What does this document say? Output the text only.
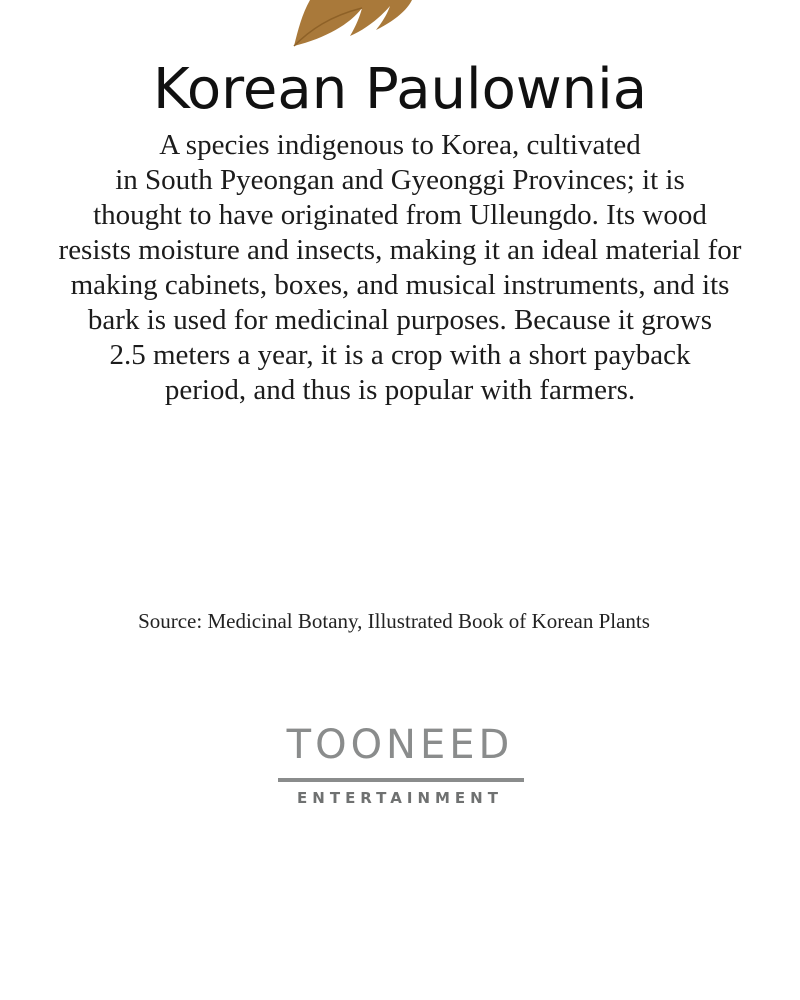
Korean Paulownia
A species indigenous to Korea, cultivated
in South Pyeongan and Gyeonggi Provinces; it is
thought to have originated from Ulleungdo. Its wood
resists moisture and insects, making it an ideal material for
making cabinets, boxes, and musical instruments, and its
bark is used for medicinal purposes. Because it grows
2.5 meters a year, it is a crop with a short payback
period, and thus is popular with farmers.

Source: Medicinal Botany, Illustrated Book of Korean Plants

TOONEED
ENTERTAINMENT
